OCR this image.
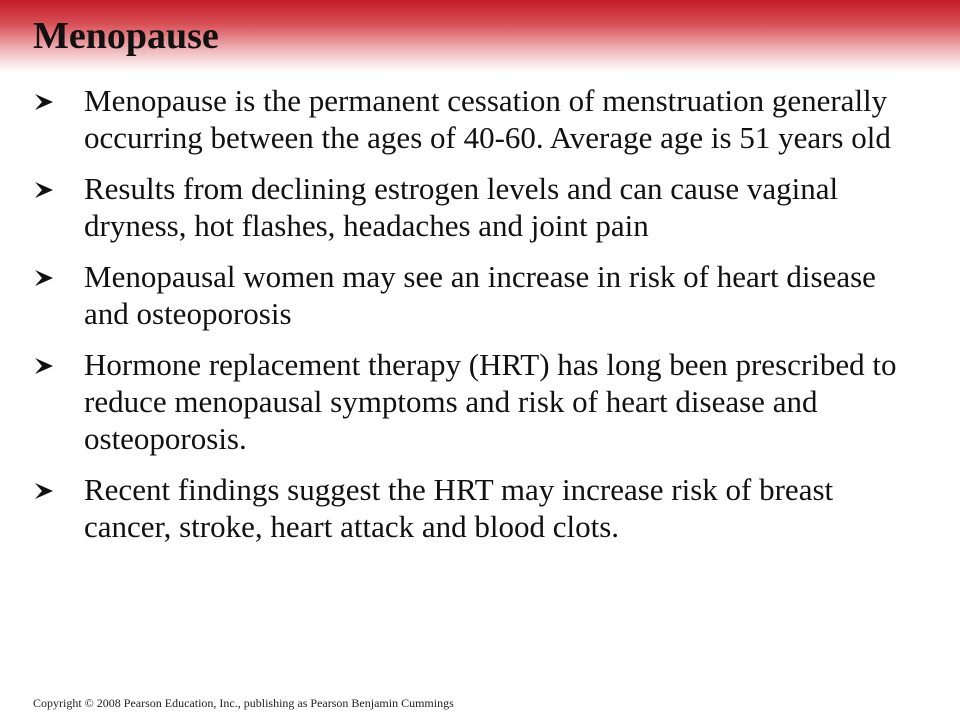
Menopause
Menopause is the permanent cessation of menstruation generally occurring between the ages of 40-60. Average age is 51 years old
Results from declining estrogen levels and can cause vaginal dryness, hot flashes, headaches and joint pain
Menopausal women may see an increase in risk of heart disease and osteoporosis
Hormone replacement therapy (HRT) has long been prescribed to reduce menopausal symptoms and risk of heart disease and osteoporosis.
Recent findings suggest the HRT may increase risk of breast cancer, stroke, heart attack and blood clots.
Copyright © 2008 Pearson Education, Inc., publishing as Pearson Benjamin Cummings
